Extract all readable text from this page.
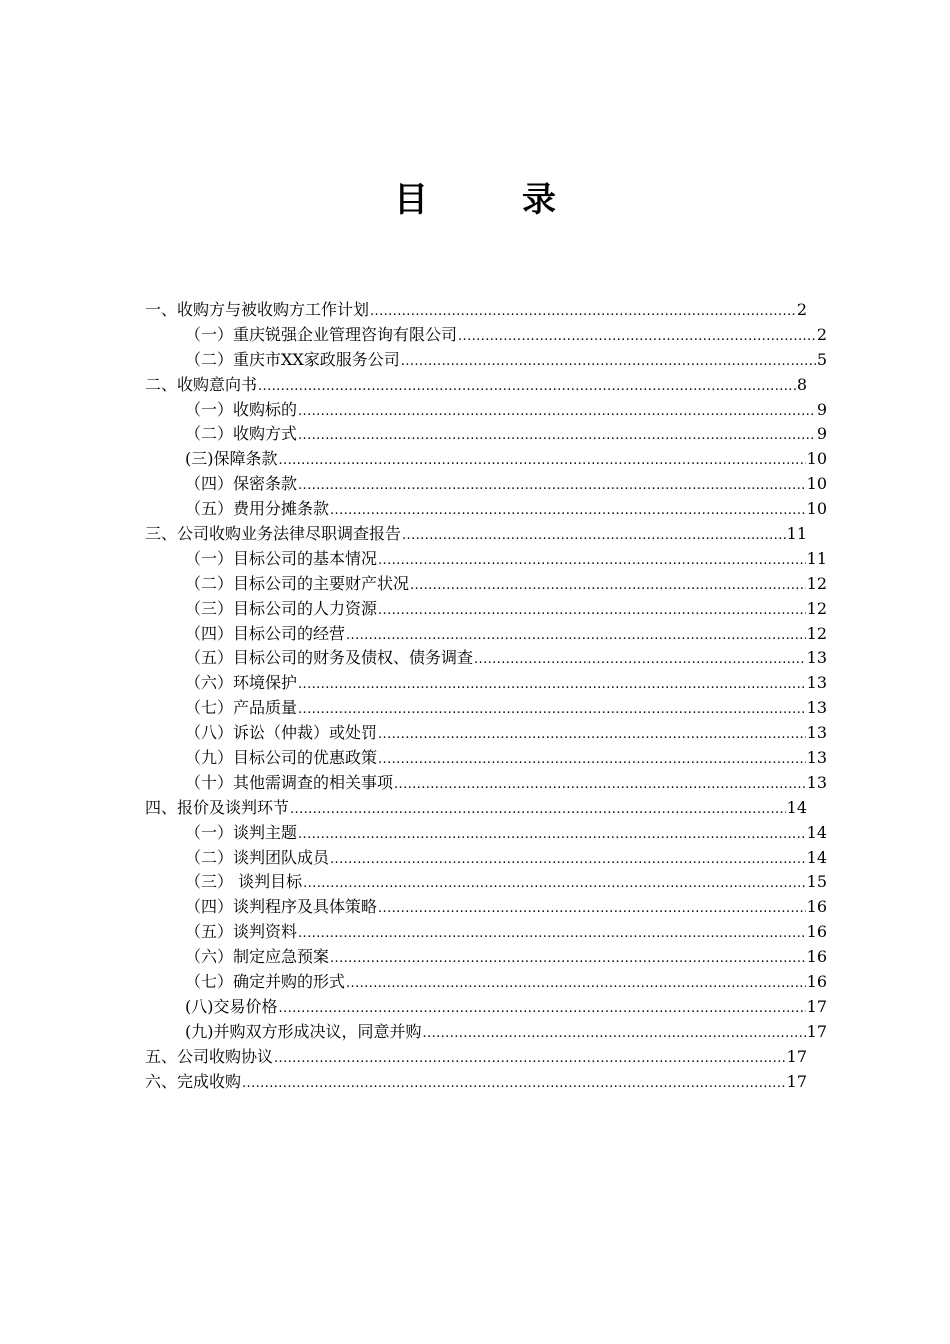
目　录
一、收购方与被收购方工作计划 .....	2
（一）重庆锐强企业管理咨询有限公司 .....	2
（二）重庆市XX家政服务公司 .....	5
二、收购意向书 .....	8
（一）收购标的 .....	9
（二）收购方式 .....	9
(三)保障条款 .....	10
（四）保密条款 .....	10
（五）费用分摊条款 .....	10
三、公司收购业务法律尽职调查报告 .....	11
（一）目标公司的基本情况 .....	11
（二）目标公司的主要财产状况 .....	12
（三）目标公司的人力资源 .....	12
（四）目标公司的经营 .....	12
（五）目标公司的财务及债权、债务调查 .....	13
（六）环境保护 .....	13
（七）产品质量 .....	13
（八）诉讼（仲裁）或处罚 .....	13
（九）目标公司的优惠政策 .....	13
（十）其他需调查的相关事项 .....	13
四、报价及谈判环节 .....	14
（一）谈判主题 .....	14
（二）谈判团队成员 .....	14
（三） 谈判目标 .....	15
（四）谈判程序及具体策略 .....	16
（五）谈判资料 .....	16
（六）制定应急预案 .....	16
（七）确定并购的形式 .....	16
(八)交易价格 .....	17
(九)并购双方形成决议，同意并购 .....	17
五、公司收购协议 .....	17
六、完成收购 .....	17
